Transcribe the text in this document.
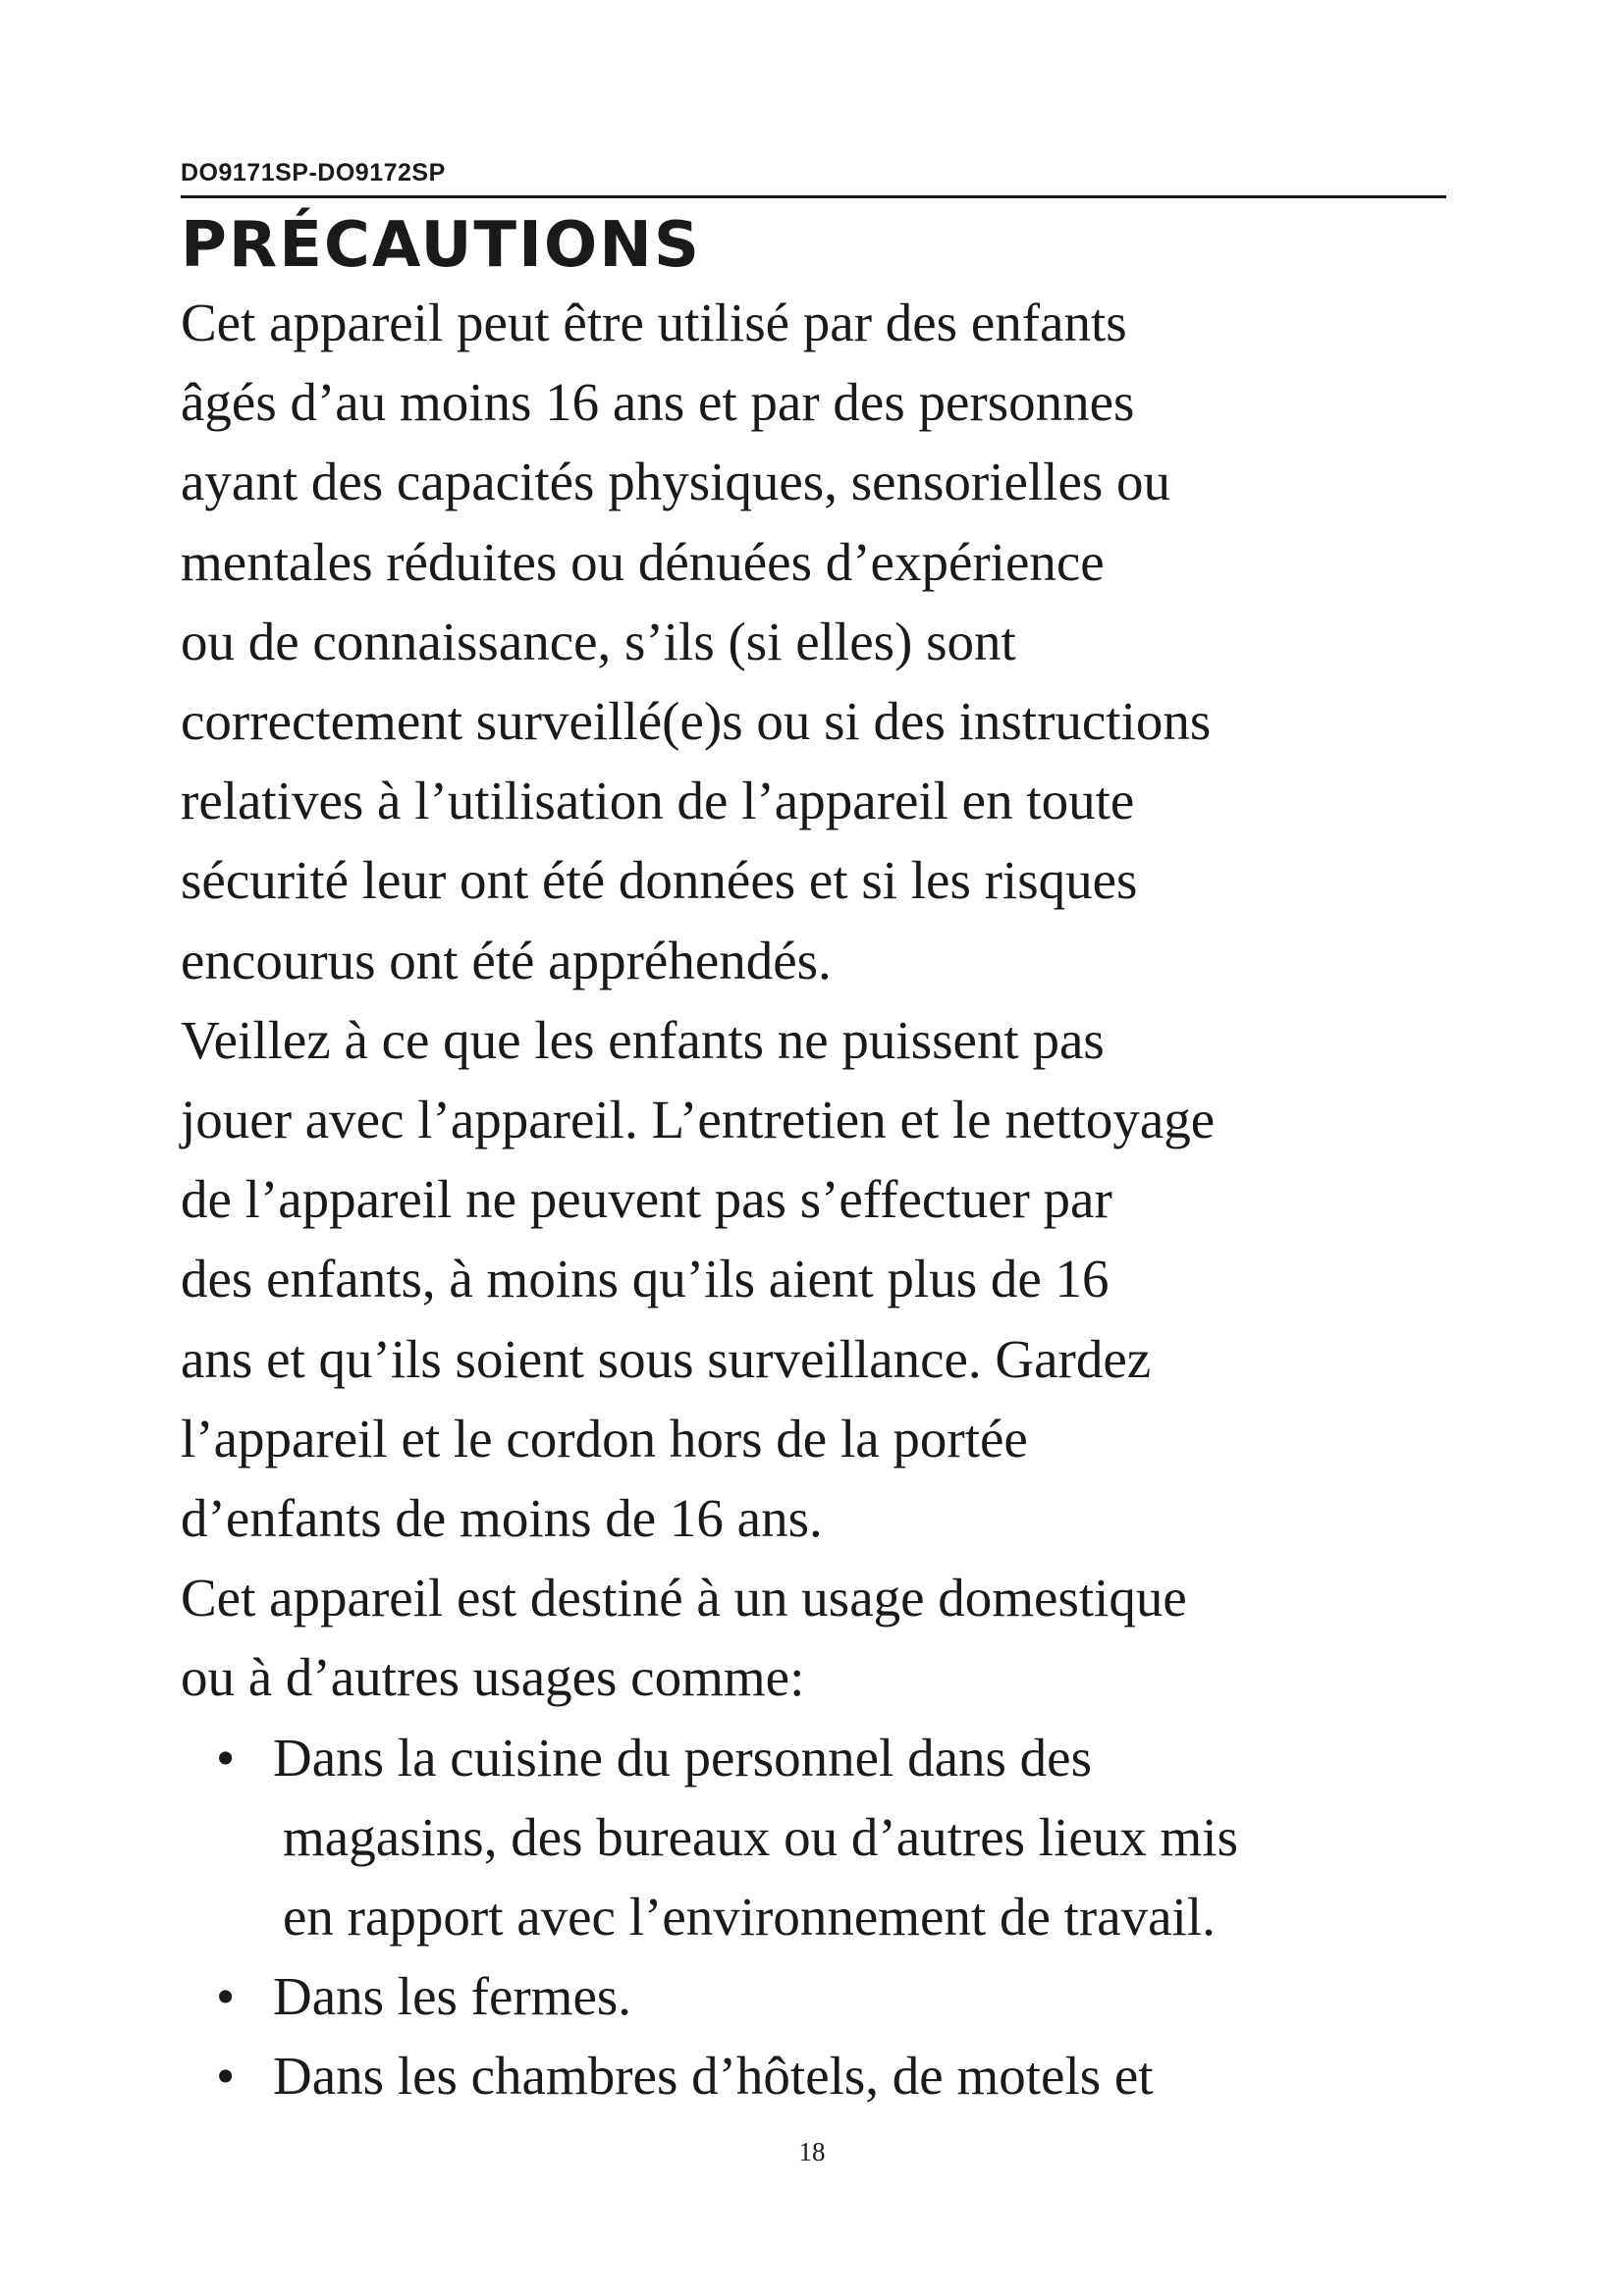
DO9171SP-DO9172SP
PRÉCAUTIONS
Cet appareil peut être utilisé par des enfants
âgés d’au moins 16 ans et par des personnes
ayant des capacités physiques, sensorielles ou
mentales réduites ou dénuées d’expérience
ou de connaissance, s’ils (si elles) sont
correctement surveillé(e)s ou si des instructions
relatives à l’utilisation de l’appareil en toute
sécurité leur ont été données et si les risques
encourus ont été appréhendés.
Veillez à ce que les enfants ne puissent pas
jouer avec l’appareil. L’entretien et le nettoyage
de l’appareil ne peuvent pas s’effectuer par
des enfants, à moins qu’ils aient plus de 16
ans et qu’ils soient sous surveillance. Gardez
l’appareil et le cordon hors de la portée
d’enfants de moins de 16 ans.
Cet appareil est destiné à un usage domestique
ou à d’autres usages comme:
• Dans la cuisine du personnel dans des
magasins, des bureaux ou d’autres lieux mis
en rapport avec l’environnement de travail.
• Dans les fermes.
• Dans les chambres d’hôtels, de motels et
18
